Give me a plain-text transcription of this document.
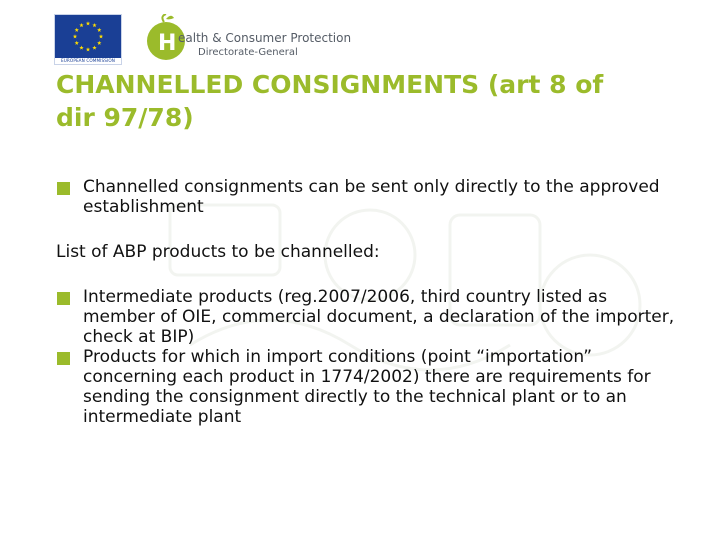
EUROPEAN COMMISSION
H ealth & Consumer Protection
Directorate-General
CHANNELLED CONSIGNMENTS (art 8 of
dir 97/78)
Channelled consignments can be sent only directly to the approved establishment
List of ABP products to be channelled:
Intermediate products (reg.2007/2006, third country listed as member of OIE, commercial document, a declaration of the importer, check at BIP)
Products for which in import conditions (point “importation” concerning each product in 1774/2002) there are requirements for sending the consignment directly to the technical plant or to an intermediate plant
